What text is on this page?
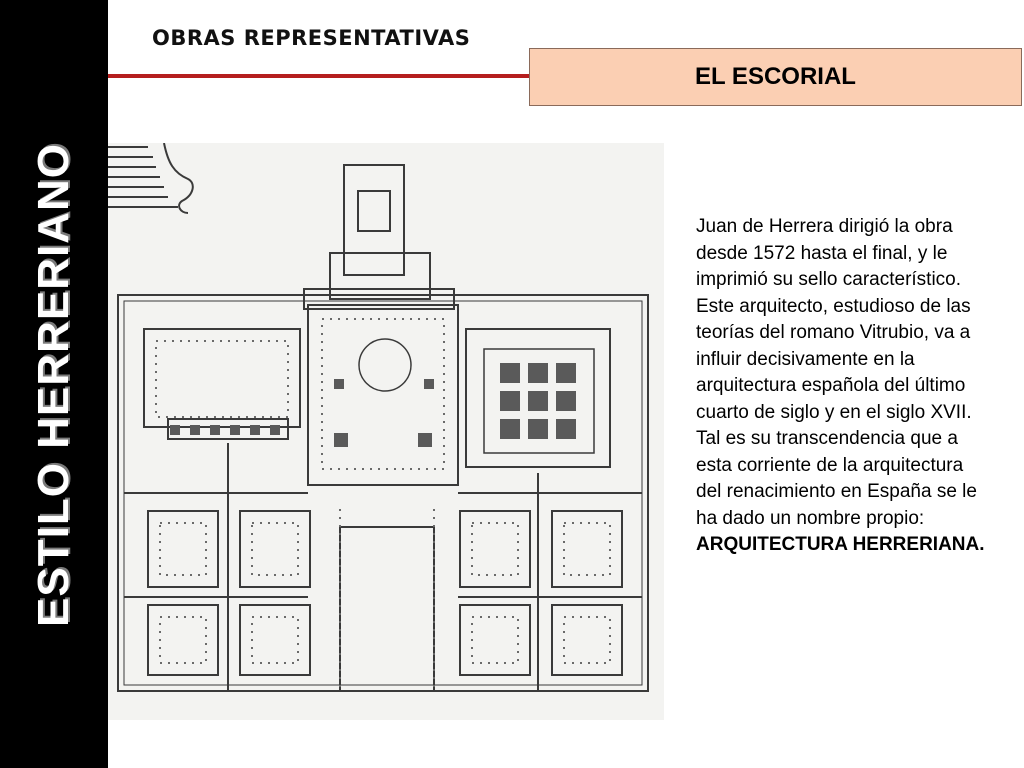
ESTILO HERRERIANO
OBRAS REPRESENTATIVAS
EL ESCORIAL
Juan de Herrera dirigió la obra desde 1572 hasta el final, y le imprimió su sello característico. Este arquitecto, estudioso de las teorías del romano Vitrubio, va a influir decisivamente en la arquitectura española del último cuarto de siglo y en el siglo XVII. Tal es su transcendencia que a esta corriente de la arquitectura del renacimiento en España se le ha dado un nombre propio: ARQUITECTURA HERRERIANA.
